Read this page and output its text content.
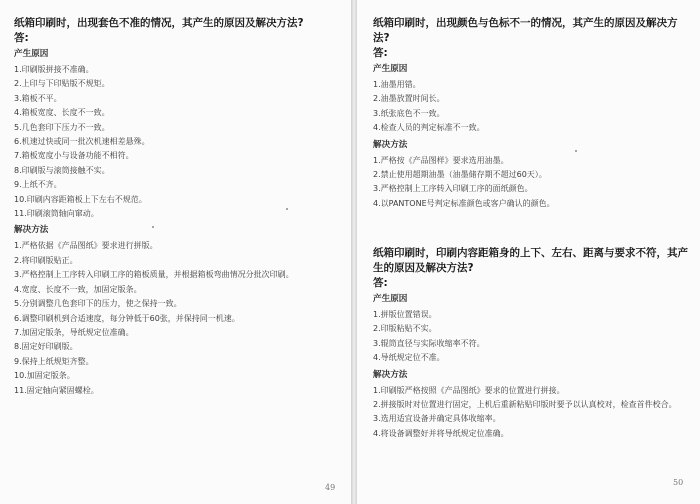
纸箱印刷时，出现套色不准的情况，其产生的原因及解决方法?

答:

产生原因

1.印刷版拼接不准确。
2.上印与下印贴版不规矩。
3.箱板不平。
4.箱板宽度、长度不一致。
5.几色套印下压力不一致。
6.机速过快或同一批次机速相差悬殊。
7.箱板宽度小与设备功能不相符。
8.印刷版与滚筒接触不实。
9.上纸不齐。
10.印刷内容距箱板上下左右不规范。
11.印刷滚筒轴向窜动。

解决方法

1.严格依据《产品图纸》要求进行拼版。
2.将印刷版贴正。
3.严格控制上工序转入印刷工序的箱板质量，并根据箱板弯曲情况分批次印刷。
4.宽度、长度不一致，加固定版条。
5.分别调整几色套印下的压力，使之保持一致。
6.调整印刷机到合适速度，每分钟低于60张，并保持同一机速。
7.加固定版条，导纸规定位准确。
8.固定好印刷版。
9.保持上纸规矩齐整。
10.加固定版条。
11.固定轴向紧固螺栓。
49

纸箱印刷时，出现颜色与色标不一的情况，其产生的原因及解决方法?

答:

产生原因

1.油墨用错。
2.油墨放置时间长。
3.纸张底色不一致。
4.检查人员的判定标准不一致。

解决方法

1.严格按《产品图样》要求选用油墨。
2.禁止使用超期油墨（油墨储存期不超过60天）。
3.严格控制上工序转入印刷工序的面纸颜色。
4.以PANTONE号判定标准颜色或客户确认的颜色。

纸箱印刷时，印刷内容距箱身的上下、左右、距离与要求不符，其产生的原因及解决方法?

答:

产生原因

1.拼版位置错误。
2.印版粘贴不实。
3.辊筒直径与实际收缩率不符。
4.导纸规定位不准。

解决方法

1.印刷版严格按照《产品图纸》要求的位置进行拼接。
2.拼接版时对位置进行固定，上机后重新粘贴印版时要予以认真校对，检查首件校合。
3.选用适宜设备并确定具体收缩率。
4.将设备调整好并将导纸规定位准确。
50
